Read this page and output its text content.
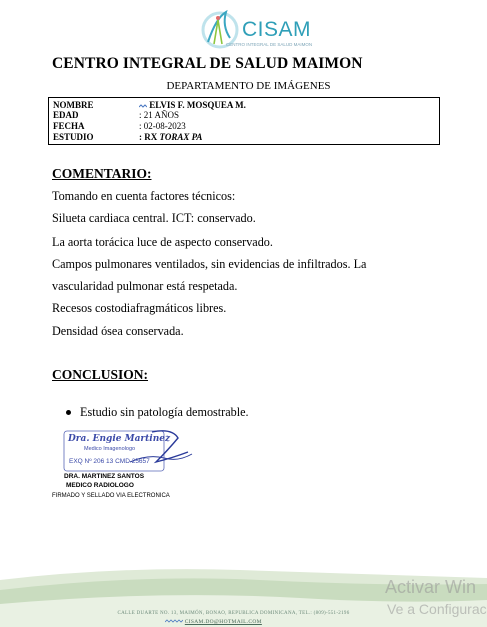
CISAM
CENTRO INTEGRAL DE SALUD MAIMON
CENTRO INTEGRAL DE SALUD MAIMON
DEPARTAMENTO DE IMÁGENES
NOMBRE	ELVIS F. MOSQUEA M.
EDAD	: 21 AÑOS
FECHA	: 02-08-2023
ESTUDIO	: RX TORAX PA
COMENTARIO:
Tomando en cuenta factores técnicos:
Silueta cardiaca central. ICT: conservado.
La aorta torácica luce de aspecto conservado.
Campos pulmonares ventilados, sin evidencias de infiltrados. La
vascularidad pulmonar está respetada.
Recesos costodiafragmáticos libres.
Densidad ósea conservada.
CONCLUSION:
Estudio sin patología demostrable.
Dra. Engie Martinez
Medico Imagenologo
EXQ Nº 206 13 CMD 25657
DRA. MARTINEZ SANTOS
MEDICO RADIOLOGO
FIRMADO Y SELLADO VIA ELECTRONICA
CALLE DUARTE NO. 13, MAIMÓN, BONAO, REPUBLICA DOMINICANA, TEL.: (809)-551-2196
CISAM.DO@HOTMAIL.COM
Activar Win
Ve a Configurac
